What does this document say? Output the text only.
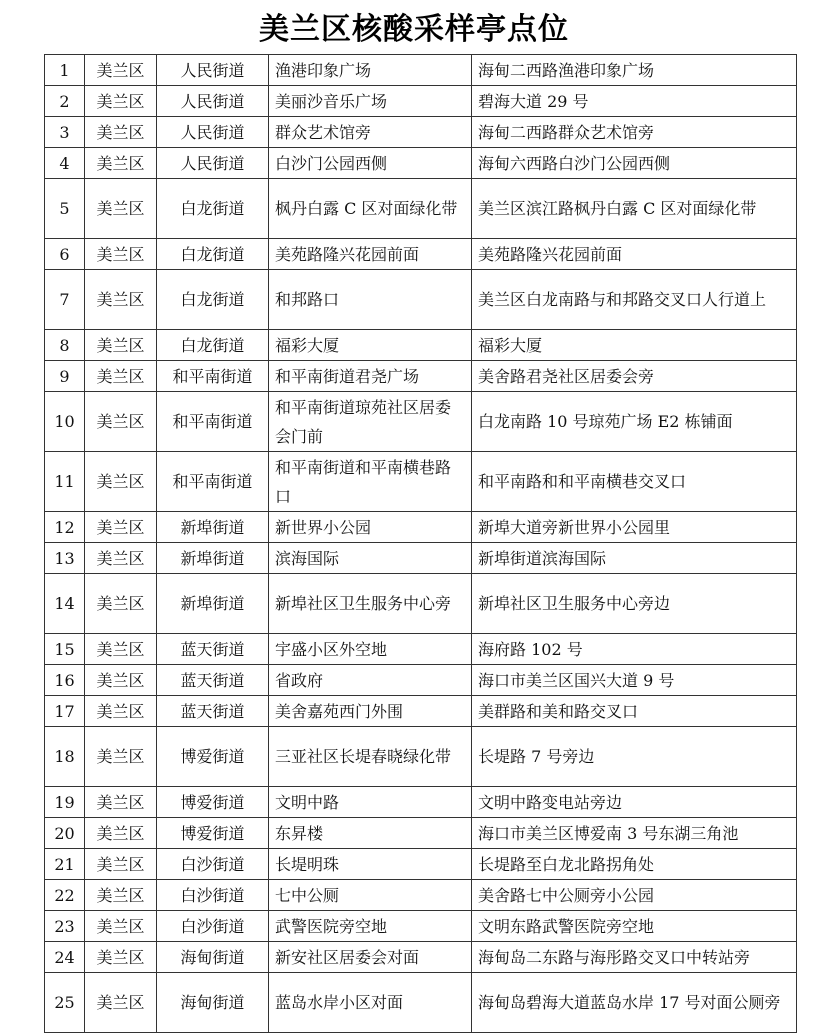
美兰区核酸采样亭点位
1	美兰区	人民街道	渔港印象广场	海甸二西路渔港印象广场
2	美兰区	人民街道	美丽沙音乐广场	碧海大道 29 号
3	美兰区	人民街道	群众艺术馆旁	海甸二西路群众艺术馆旁
4	美兰区	人民街道	白沙门公园西侧	海甸六西路白沙门公园西侧
5	美兰区	白龙街道	枫丹白露 C 区对面绿化带	美兰区滨江路枫丹白露 C 区对面绿化带
6	美兰区	白龙街道	美苑路隆兴花园前面	美苑路隆兴花园前面
7	美兰区	白龙街道	和邦路口	美兰区白龙南路与和邦路交叉口人行道上
8	美兰区	白龙街道	福彩大厦	福彩大厦
9	美兰区	和平南街道	和平南街道君尧广场	美舍路君尧社区居委会旁
10	美兰区	和平南街道	和平南街道琼苑社区居委会门前	白龙南路 10 号琼苑广场 E2 栋铺面
11	美兰区	和平南街道	和平南街道和平南横巷路口	和平南路和和平南横巷交叉口
12	美兰区	新埠街道	新世界小公园	新埠大道旁新世界小公园里
13	美兰区	新埠街道	滨海国际	新埠街道滨海国际
14	美兰区	新埠街道	新埠社区卫生服务中心旁	新埠社区卫生服务中心旁边
15	美兰区	蓝天街道	宇盛小区外空地	海府路 102 号
16	美兰区	蓝天街道	省政府	海口市美兰区国兴大道 9 号
17	美兰区	蓝天街道	美舍嘉苑西门外围	美群路和美和路交叉口
18	美兰区	博爱街道	三亚社区长堤春晓绿化带	长堤路 7 号旁边
19	美兰区	博爱街道	文明中路	文明中路变电站旁边
20	美兰区	博爱街道	东昇楼	海口市美兰区博爱南 3 号东湖三角池
21	美兰区	白沙街道	长堤明珠	长堤路至白龙北路拐角处
22	美兰区	白沙街道	七中公厕	美舍路七中公厕旁小公园
23	美兰区	白沙街道	武警医院旁空地	文明东路武警医院旁空地
24	美兰区	海甸街道	新安社区居委会对面	海甸岛二东路与海彤路交叉口中转站旁
25	美兰区	海甸街道	蓝岛水岸小区对面	海甸岛碧海大道蓝岛水岸 17 号对面公厕旁
